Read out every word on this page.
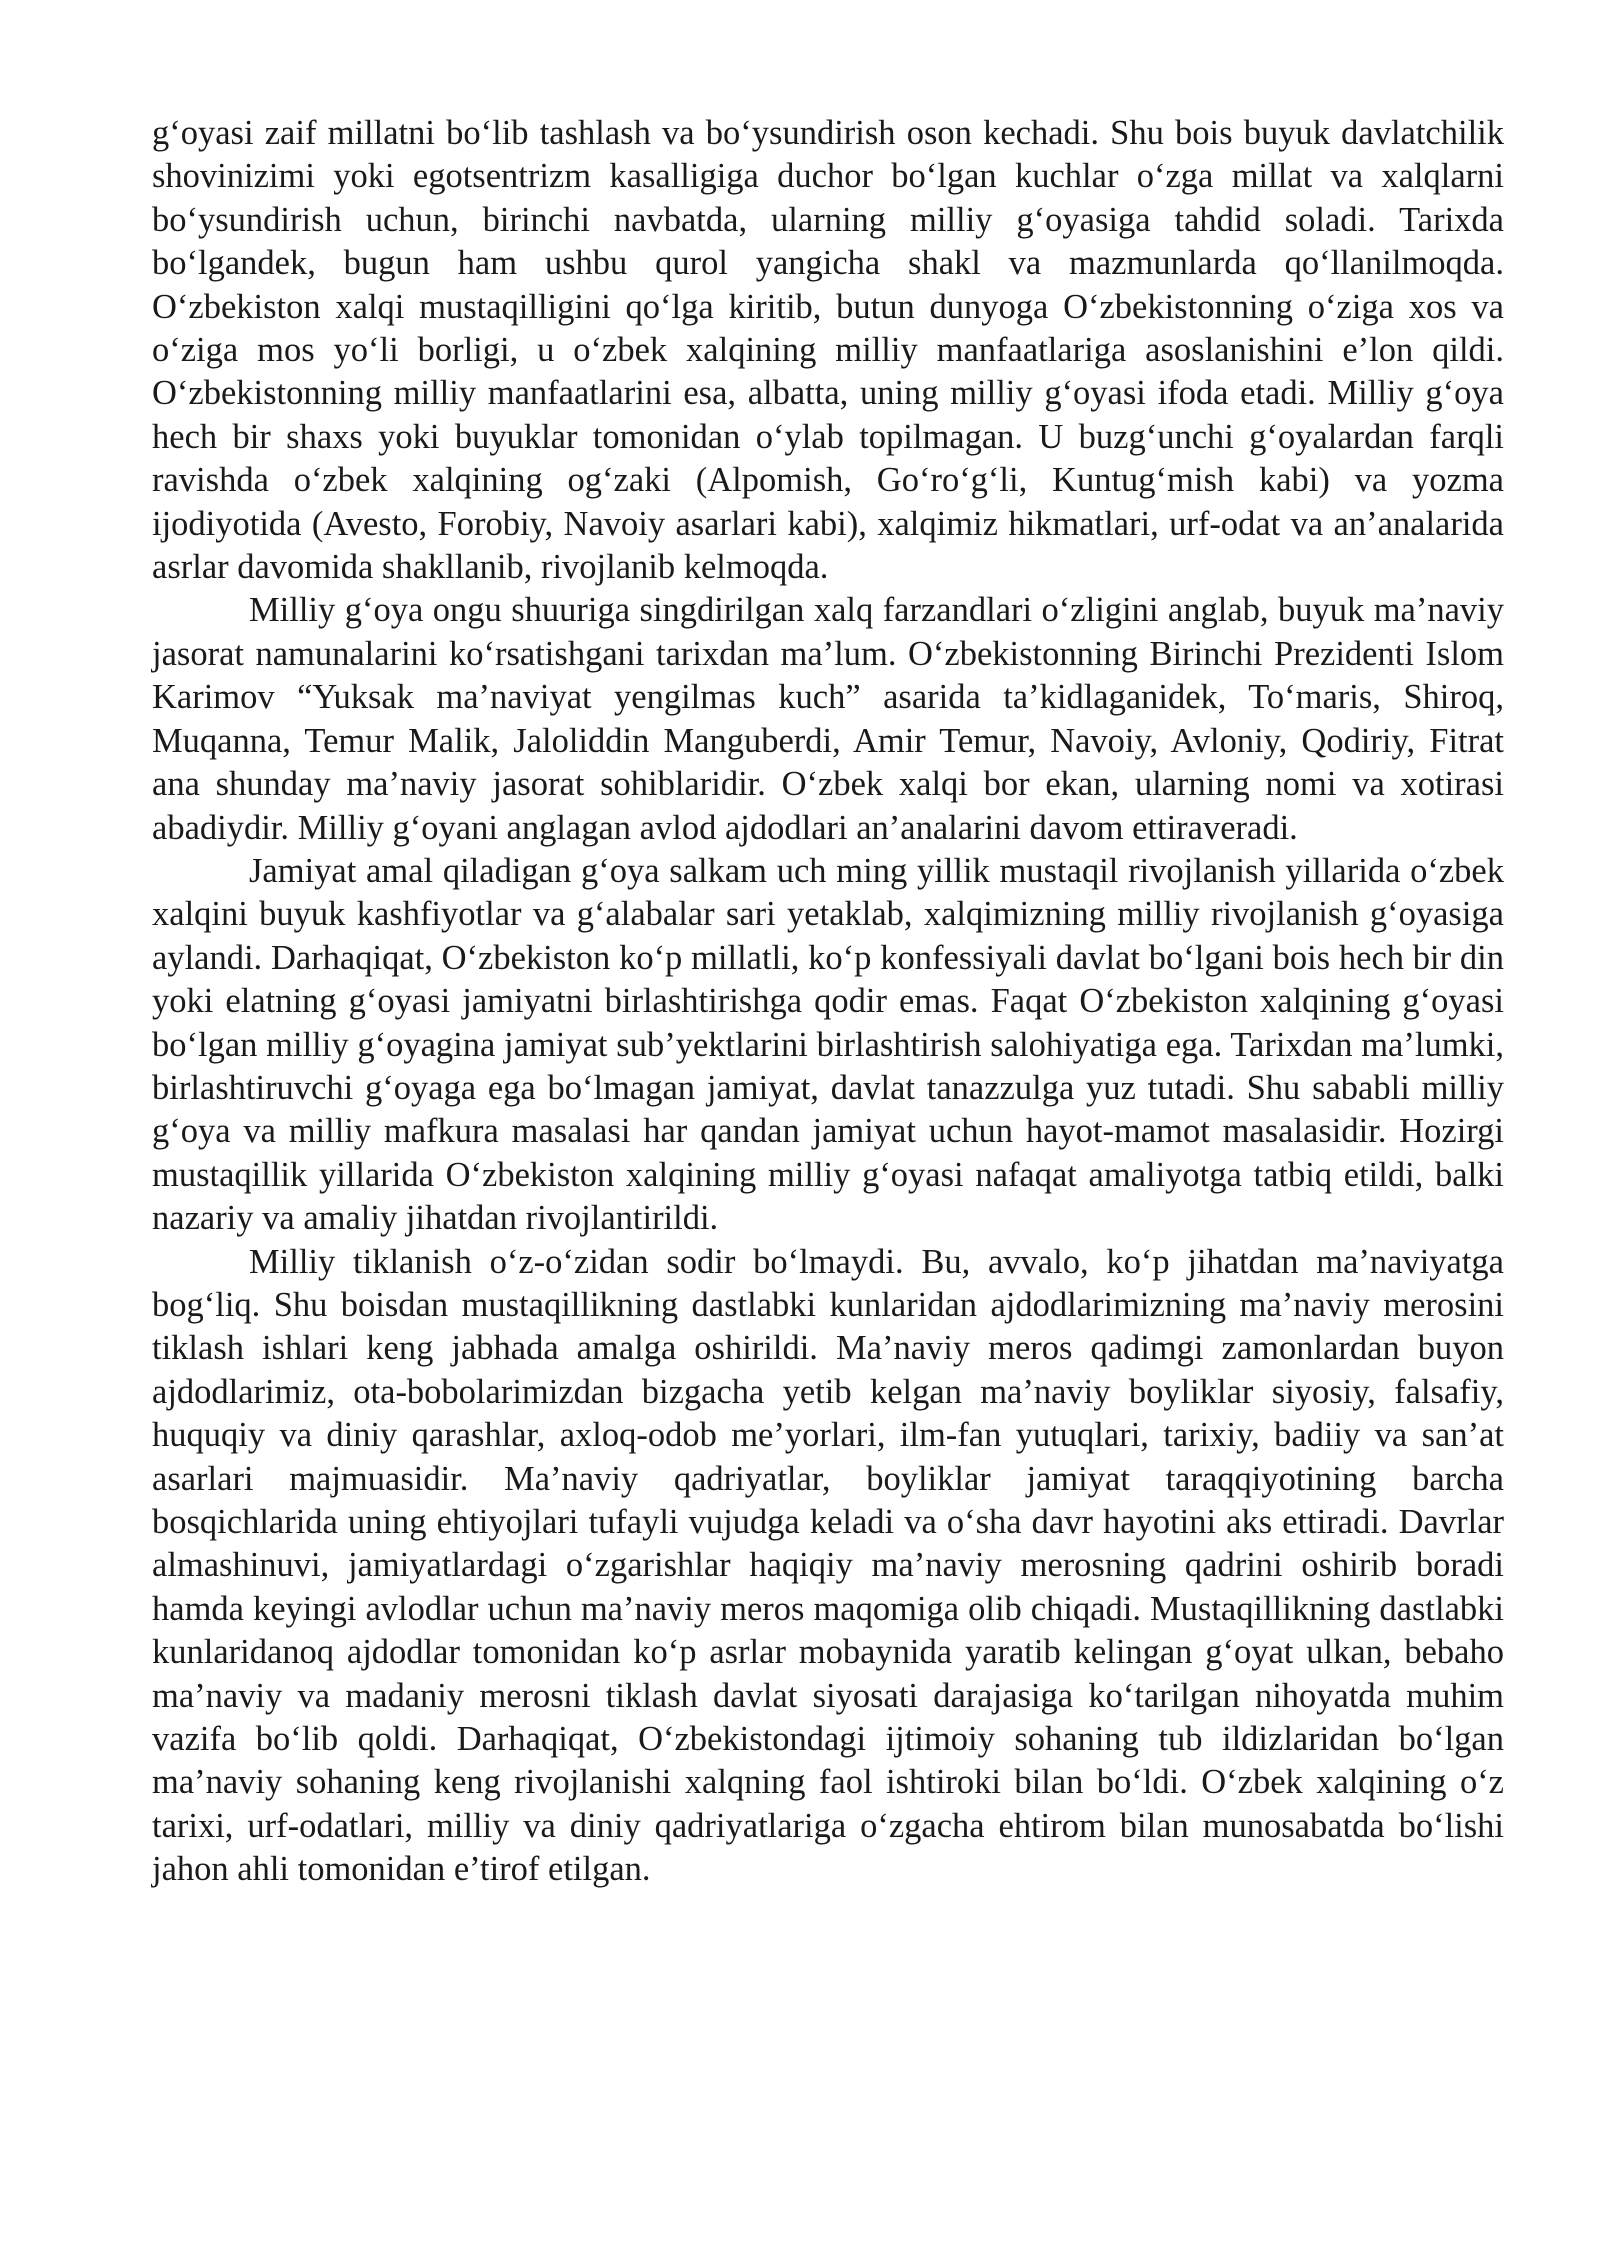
g‘oyasi zaif millatni bo‘lib tashlash va bo‘ysundirish oson kechadi. Shu bois buyuk davlatchilik shovinizimi yoki egotsentrizm kasalligiga duchor bo‘lgan kuchlar o‘zga millat va xalqlarni bo‘ysundirish uchun, birinchi navbatda, ularning milliy g‘oyasiga tahdid soladi. Tarixda bo‘lgandek, bugun ham ushbu qurol yangicha shakl va mazmunlarda qo‘llanilmoqda. O‘zbekiston xalqi mustaqilligini qo‘lga kiritib, butun dunyoga O‘zbekistonning o‘ziga xos va o‘ziga mos yo‘li borligi, u o‘zbek xalqining milliy manfaatlariga asoslanishini e’lon qildi. O‘zbekistonning milliy manfaatlarini esa, albatta, uning milliy g‘oyasi ifoda etadi. Milliy g‘oya hech bir shaxs yoki buyuklar tomonidan o‘ylab topilmagan. U buzg‘unchi g‘oyalardan farqli ravishda o‘zbek xalqining og‘zaki (Alpomish, Go‘ro‘g‘li, Kuntug‘mish kabi) va yozma ijodiyotida (Avesto, Forobiy, Navoiy asarlari kabi), xalqimiz hikmatlari, urf-odat va an’analarida asrlar davomida shakllanib, rivojlanib kelmoqda.

Milliy g‘oya ongu shuuriga singdirilgan xalq farzandlari o‘zligini anglab, buyuk ma’naviy jasorat namunalarini ko‘rsatishgani tarixdan ma’lum. O‘zbekistonning Birinchi Prezidenti Islom Karimov “Yuksak ma’naviyat yengilmas kuch” asarida ta’kidlaganidek, To‘maris, Shiroq, Muqanna, Temur Malik, Jaloliddin Manguberdi, Amir Temur, Navoiy, Avloniy, Qodiriy, Fitrat ana shunday ma’naviy jasorat sohiblaridir. O‘zbek xalqi bor ekan, ularning nomi va xotirasi abadiydir. Milliy g‘oyani anglagan avlod ajdodlari an’analarini davom ettiraveradi.

Jamiyat amal qiladigan g‘oya salkam uch ming yillik mustaqil rivojlanish yillarida o‘zbek xalqini buyuk kashfiyotlar va g‘alabalar sari yetaklab, xalqimizning milliy rivojlanish g‘oyasiga aylandi. Darhaqiqat, O‘zbekiston ko‘p millatli, ko‘p konfessiyali davlat bo‘lgani bois hech bir din yoki elatning g‘oyasi jamiyatni birlashtirishga qodir emas. Faqat O‘zbekiston xalqining g‘oyasi bo‘lgan milliy g‘oyagina jamiyat sub’yektlarini birlashtirish salohiyatiga ega. Tarixdan ma’lumki, birlashtiruvchi g‘oyaga ega bo‘lmagan jamiyat, davlat tanazzulga yuz tutadi. Shu sababli milliy g‘oya va milliy mafkura masalasi har qandan jamiyat uchun hayot-mamot masalasidir. Hozirgi mustaqillik yillarida O‘zbekiston xalqining milliy g‘oyasi nafaqat amaliyotga tatbiq etildi, balki nazariy va amaliy jihatdan rivojlantirildi.

Milliy tiklanish o‘z-o‘zidan sodir bo‘lmaydi. Bu, avvalo, ko‘p jihatdan ma’naviyatga bog‘liq. Shu boisdan mustaqillikning dastlabki kunlaridan ajdodlarimizning ma’naviy merosini tiklash ishlari keng jabhada amalga oshirildi. Ma’naviy meros qadimgi zamonlardan buyon ajdodlarimiz, ota-bobolarimizdan bizgacha yetib kelgan ma’naviy boyliklar siyosiy, falsafiy, huquqiy va diniy qarashlar, axloq-odob me’yorlari, ilm-fan yutuqlari, tarixiy, badiiy va san’at asarlari majmuasidir. Ma’naviy qadriyatlar, boyliklar jamiyat taraqqiyotining barcha bosqichlarida uning ehtiyojlari tufayli vujudga keladi va o‘sha davr hayotini aks ettiradi. Davrlar almashinuvi, jamiyatlardagi o‘zgarishlar haqiqiy ma’naviy merosning qadrini oshirib boradi hamda keyingi avlodlar uchun ma’naviy meros maqomiga olib chiqadi. Mustaqillikning dastlabki kunlaridanoq ajdodlar tomonidan ko‘p asrlar mobaynida yaratib kelingan g‘oyat ulkan, bebaho ma’naviy va madaniy merosni tiklash davlat siyosati darajasiga ko‘tarilgan nihoyatda muhim vazifa bo‘lib qoldi. Darhaqiqat, O‘zbekistondagi ijtimoiy sohaning tub ildizlaridan bo‘lgan ma’naviy sohaning keng rivojlanishi xalqning faol ishtiroki bilan bo‘ldi. O‘zbek xalqining o‘z tarixi, urf-odatlari, milliy va diniy qadriyatlariga o‘zgacha ehtirom bilan munosabatda bo‘lishi jahon ahli tomonidan e’tirof etilgan.
